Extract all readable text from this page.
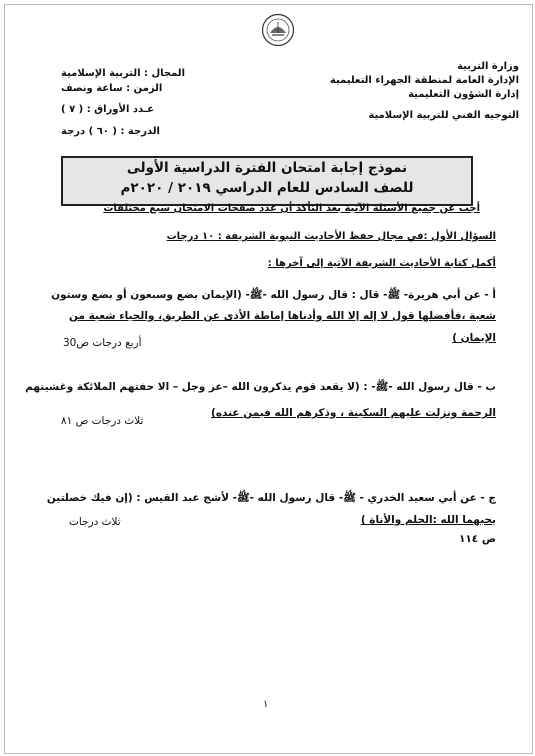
وزارة التربية
الإدارة العامة لمنطقة الجهراء التعليمية
إدارة الشؤون التعليمية
التوجيه الفني للتربية الإسلامية
المجال : التربية الإسلامية
الزمن : ساعة ونصف
عـدد الأوراق : ( ٧ )
الدرجة : ( ٦٠ ) درجة
نموذج إجابة امتحان الفترة الدراسية الأولى
للصف السادس للعام الدراسي ٢٠١٩ / ٢٠٢٠م
أجب عن جميع الأسئلة الآتية بعد التأكد أن عدد صفحات الامتحان سبع مختلفات
السؤال الأول :في مجال حفظ الأحاديث النبوية الشريفة : ١٠ درجات
أكمل كتابة الأحاديث الشريفة الآتية إلى آخرها :
أ - عن أبي هريرة- ﷺ- قال : قال رسول الله -ﷺ- (الإيمان بضع وسبعون أو بضع وستون
شعبة ،فأفضلها قول لا إله إلا الله وأدناها إماطة الأذى عن الطريق، والحياء شعبة من
الإيمان )
أربع درجات ص30
ب - قال رسول الله -ﷺ- : (لا يقعد قوم يذكرون الله –عز وجل – الا حفتهم الملائكة وغشيتهم
الرحمة ونزلت عليهم السكينة ، وذكرهم الله فيمن عنده)
ثلاث درجات ص ٨١
ج - عن أبي سعيد الخدري - ﷺ- قال رسول الله -ﷺ- لأشج عبد القيس : (إن فيك خصلتين
يحبهما الله :الحلم والأناة )
ثلاث درجات
ص ١١٤
١
